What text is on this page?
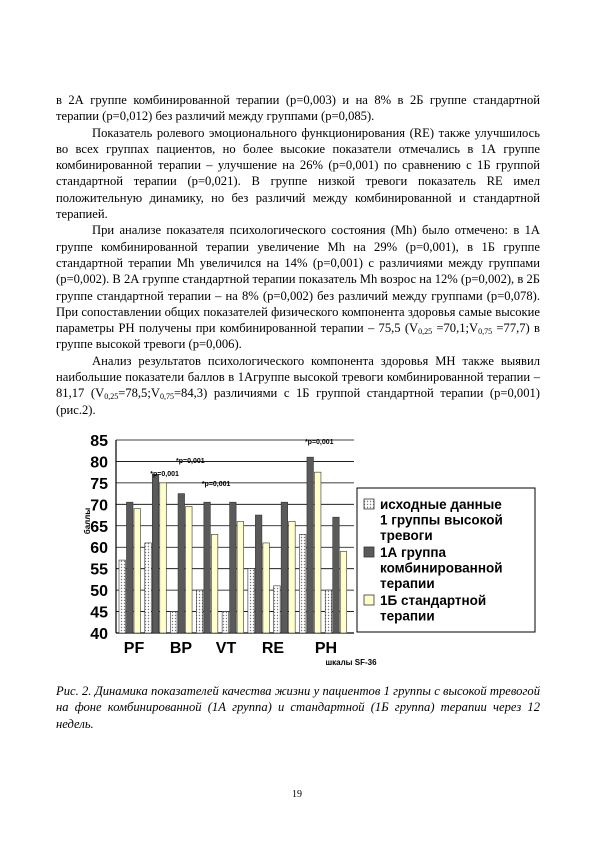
в 2А группе комбинированной терапии (р=0,003) и на 8% в 2Б группе стандартной терапии (р=0,012) без различий между группами (р=0,085).

Показатель ролевого эмоционального функционирования (RE) также улучшилось во всех группах пациентов, но более высокие показатели отмечались в 1А группе комбинированной терапии – улучшение на 26% (р=0,001) по сравнению с 1Б группой стандартной терапии (р=0,021). В группе низкой тревоги показатель RE имел положительную динамику, но без различий между комбинированной и стандартной терапией.

При анализе показателя психологического состояния (Mh) было отмечено: в 1А группе комбинированной терапии увеличение Mh на 29% (р=0,001), в 1Б группе стандартной терапии Mh увеличился на 14% (р=0,001) с различиями между группами (р=0,002). В 2А группе стандартной терапии показатель Mh возрос на 12% (р=0,002), в 2Б группе стандартной терапии – на 8% (р=0,002) без различий между группами (р=0,078). При сопоставлении общих показателей физического компонента здоровья самые высокие параметры PH получены при комбинированной терапии – 75,5 ($V_{0,25}$ $=70,1;V_{0,75} =77,7$) в группе высокой тревоги (р=0,006).

Анализ результатов психологического компонента здоровья МН также выявил наибольшие показатели баллов в 1Агруппе высокой тревоги комбинированной терапии –81,17 $(V_{0,25}=78,5;V_{0,75}=84,3)$ различиями с 1Б группой стандартной терапии (р=0,001) (рис.2).

40
45
50
55
60
65
70
75
80
85
баллы
*p=0,001
*p=0,001
*p=0,001
*p=0,001
PF BP VT RE PH
шкалы SF-36
исходные данные 1 группы высокой тревоги
1А группа комбинированной терапии
1Б стандартной терапии
Рис. 2. Динамика показателей качества жизни у пациентов 1 группы с высокой тревогой на фоне комбинированной (1А группа) и стандартной (1Б группа) терапии через 12 недель.
19
